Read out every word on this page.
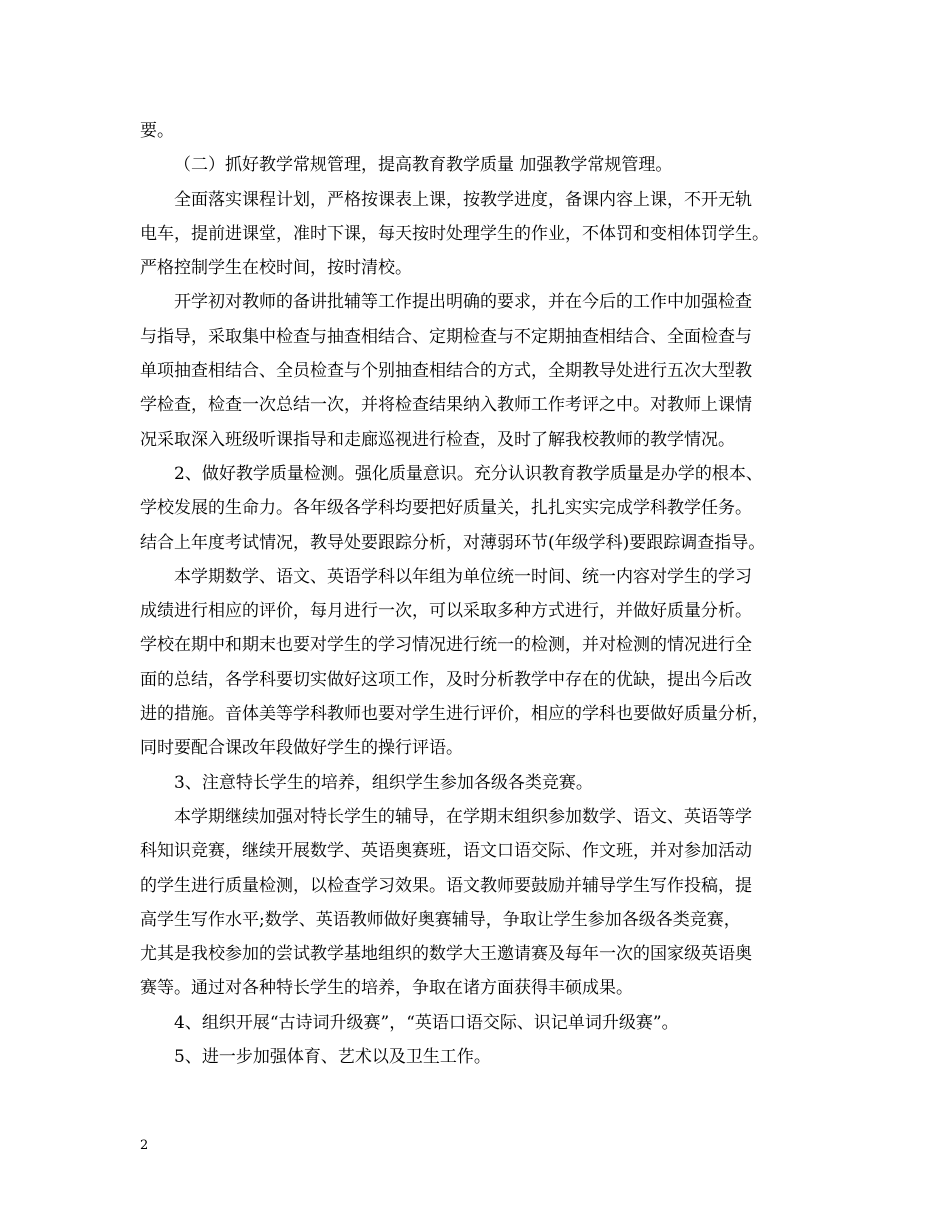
要。
（二）抓好教学常规管理，提高教育教学质量 加强教学常规管理。
全面落实课程计划，严格按课表上课，按教学进度，备课内容上课，不开无轨
电车，提前进课堂，准时下课，每天按时处理学生的作业，不体罚和变相体罚学生。
严格控制学生在校时间，按时清校。
开学初对教师的备讲批辅等工作提出明确的要求，并在今后的工作中加强检查
与指导，采取集中检查与抽查相结合、定期检查与不定期抽查相结合、全面检查与
单项抽查相结合、全员检查与个别抽查相结合的方式，全期教导处进行五次大型教
学检查，检查一次总结一次，并将检查结果纳入教师工作考评之中。对教师上课情
况采取深入班级听课指导和走廊巡视进行检查，及时了解我校教师的教学情况。
2、做好教学质量检测。强化质量意识。充分认识教育教学质量是办学的根本、
学校发展的生命力。各年级各学科均要把好质量关，扎扎实实完成学科教学任务。
结合上年度考试情况，教导处要跟踪分析，对薄弱环节(年级学科)要跟踪调查指导。
本学期数学、语文、英语学科以年组为单位统一时间、统一内容对学生的学习
成绩进行相应的评价，每月进行一次，可以采取多种方式进行，并做好质量分析。
学校在期中和期末也要对学生的学习情况进行统一的检测，并对检测的情况进行全
面的总结，各学科要切实做好这项工作，及时分析教学中存在的优缺，提出今后改
进的措施。音体美等学科教师也要对学生进行评价，相应的学科也要做好质量分析，
同时要配合课改年段做好学生的操行评语。
3、注意特长学生的培养，组织学生参加各级各类竞赛。
本学期继续加强对特长学生的辅导，在学期末组织参加数学、语文、英语等学
科知识竞赛，继续开展数学、英语奥赛班，语文口语交际、作文班，并对参加活动
的学生进行质量检测，以检查学习效果。语文教师要鼓励并辅导学生写作投稿，提
高学生写作水平;数学、英语教师做好奥赛辅导，争取让学生参加各级各类竞赛，
尤其是我校参加的尝试教学基地组织的数学大王邀请赛及每年一次的国家级英语奥
赛等。通过对各种特长学生的培养，争取在诸方面获得丰硕成果。
4、组织开展“古诗词升级赛”，“英语口语交际、识记单词升级赛”。
5、进一步加强体育、艺术以及卫生工作。
2
